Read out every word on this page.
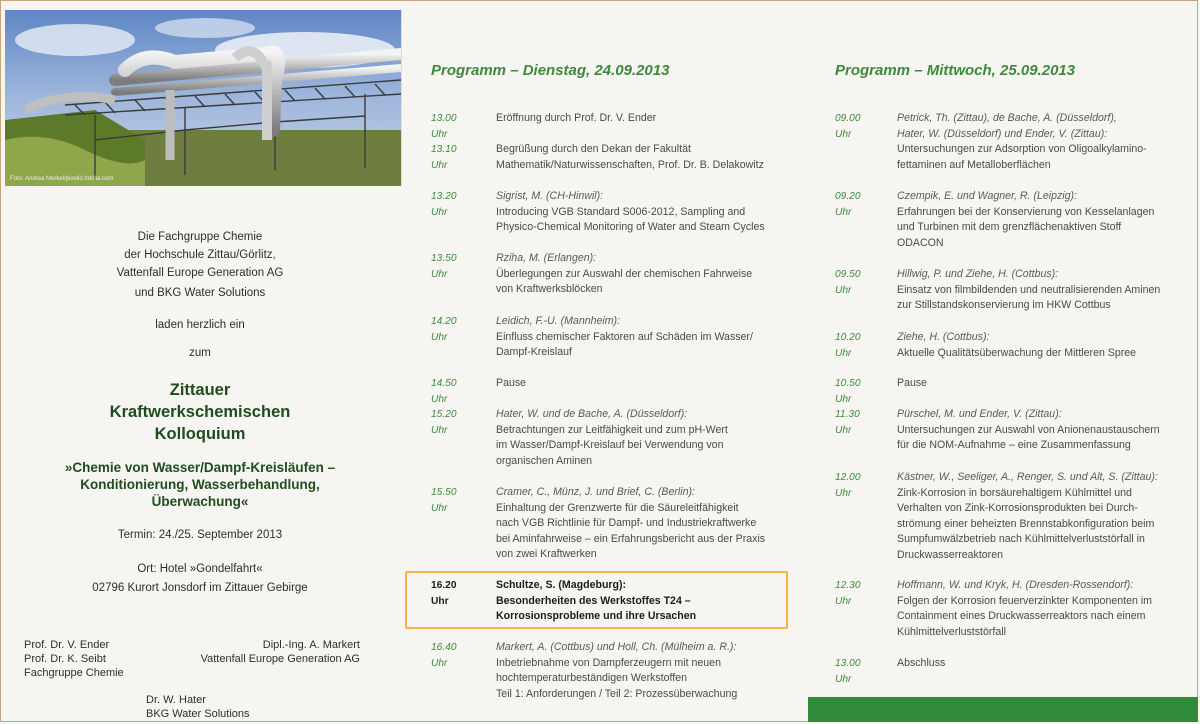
Foto: Andrea Merkel/pixelio.fotolia.com
Die Fachgruppe Chemie
der Hochschule Zittau/Görlitz,
Vattenfall Europe Generation AG
und BKG Water Solutions
laden herzlich ein
zum
Zittauer
Kraftwerkschemischen
Kolloquium
»Chemie von Wasser/Dampf-Kreisläufen –
Konditionierung, Wasserbehandlung,
Überwachung«
Termin: 24./25. September 2013
Ort: Hotel »Gondelfahrt«
02796 Kurort Jonsdorf im Zittauer Gebirge
Prof. Dr. V. Ender
Prof. Dr. K. Seibt
Fachgruppe Chemie
Dipl.-Ing. A. Markert
Vattenfall Europe Generation AG
Dr. W. Hater
BKG Water Solutions
Programm – Dienstag, 24.09.2013
13.00 Uhr
Eröffnung durch Prof. Dr. V. Ender
13.10 Uhr
Begrüßung durch den Dekan der Fakultät
Mathematik/Naturwissenschaften, Prof. Dr. B. Delakowitz
13.20 Uhr
Sigrist, M. (CH-Hinwil):
Introducing VGB Standard S006-2012, Sampling and
Physico-Chemical Monitoring of Water and Steam Cycles
13.50 Uhr
Rziha, M. (Erlangen):
Überlegungen zur Auswahl der chemischen Fahrweise
von Kraftwerksblöcken
14.20 Uhr
Leidich, F.-U. (Mannheim):
Einfluss chemischer Faktoren auf Schäden im Wasser/
Dampf-Kreislauf
14.50 Uhr
Pause
15.20 Uhr
Hater, W. und de Bache, A. (Düsseldorf):
Betrachtungen zur Leitfähigkeit und zum pH-Wert
im Wasser/Dampf-Kreislauf bei Verwendung von
organischen Aminen
15.50 Uhr
Cramer, C., Münz, J. und Brief, C. (Berlin):
Einhaltung der Grenzwerte für die Säureleitfähigkeit
nach VGB Richtlinie für Dampf- und Industriekraftwerke
bei Aminfahrweise – ein Erfahrungsbericht aus der Praxis
von zwei Kraftwerken
16.20 Uhr
Schultze, S. (Magdeburg):
Besonderheiten des Werkstoffes T24 –
Korrosionsprobleme und ihre Ursachen
16.40 Uhr
Markert, A. (Cottbus) und Holl, Ch. (Mülheim a. R.):
Inbetriebnahme von Dampferzeugern mit neuen
hochtemperaturbeständigen Werkstoffen
Teil 1: Anforderungen / Teil 2: Prozessüberwachung
Programm – Mittwoch, 25.09.2013
09.00 Uhr
Petrick, Th. (Zittau), de Bache, A. (Düsseldorf),
Hater, W. (Düsseldorf) und Ender, V. (Zittau):
Untersuchungen zur Adsorption von Oligoalkylamino-
fettaminen auf Metalloberflächen
09.20 Uhr
Czempik, E. und Wagner, R. (Leipzig):
Erfahrungen bei der Konservierung von Kesselanlagen
und Turbinen mit dem grenzflächenaktiven Stoff
ODACON
09.50 Uhr
Hillwig, P. und Ziehe, H. (Cottbus):
Einsatz von filmbildenden und neutralisierenden Aminen
zur Stillstandskonservierung im HKW Cottbus
10.20 Uhr
Ziehe, H. (Cottbus):
Aktuelle Qualitätsüberwachung der Mittleren Spree
10.50 Uhr
Pause
11.30 Uhr
Pürschel, M. und Ender, V. (Zittau):
Untersuchungen zur Auswahl von Anionenaustauschern
für die NOM-Aufnahme – eine Zusammenfassung
12.00 Uhr
Kästner, W., Seeliger, A., Renger, S. und Alt, S. (Zittau):
Zink-Korrosion in borsäurehaltigem Kühlmittel und
Verhalten von Zink-Korrosionsprodukten bei Durch-
strömung einer beheizten Brennstabkonfiguration beim
Sumpfumwälzbetrieb nach Kühlmittelverluststörfall in
Druckwasserreaktoren
12.30 Uhr
Hoffmann, W. und Kryk, H. (Dresden-Rossendorf):
Folgen der Korrosion feuerverzinkter Komponenten im
Containment eines Druckwasserreaktors nach einem
Kühlmittelverluststörfall
13.00 Uhr
Abschluss
